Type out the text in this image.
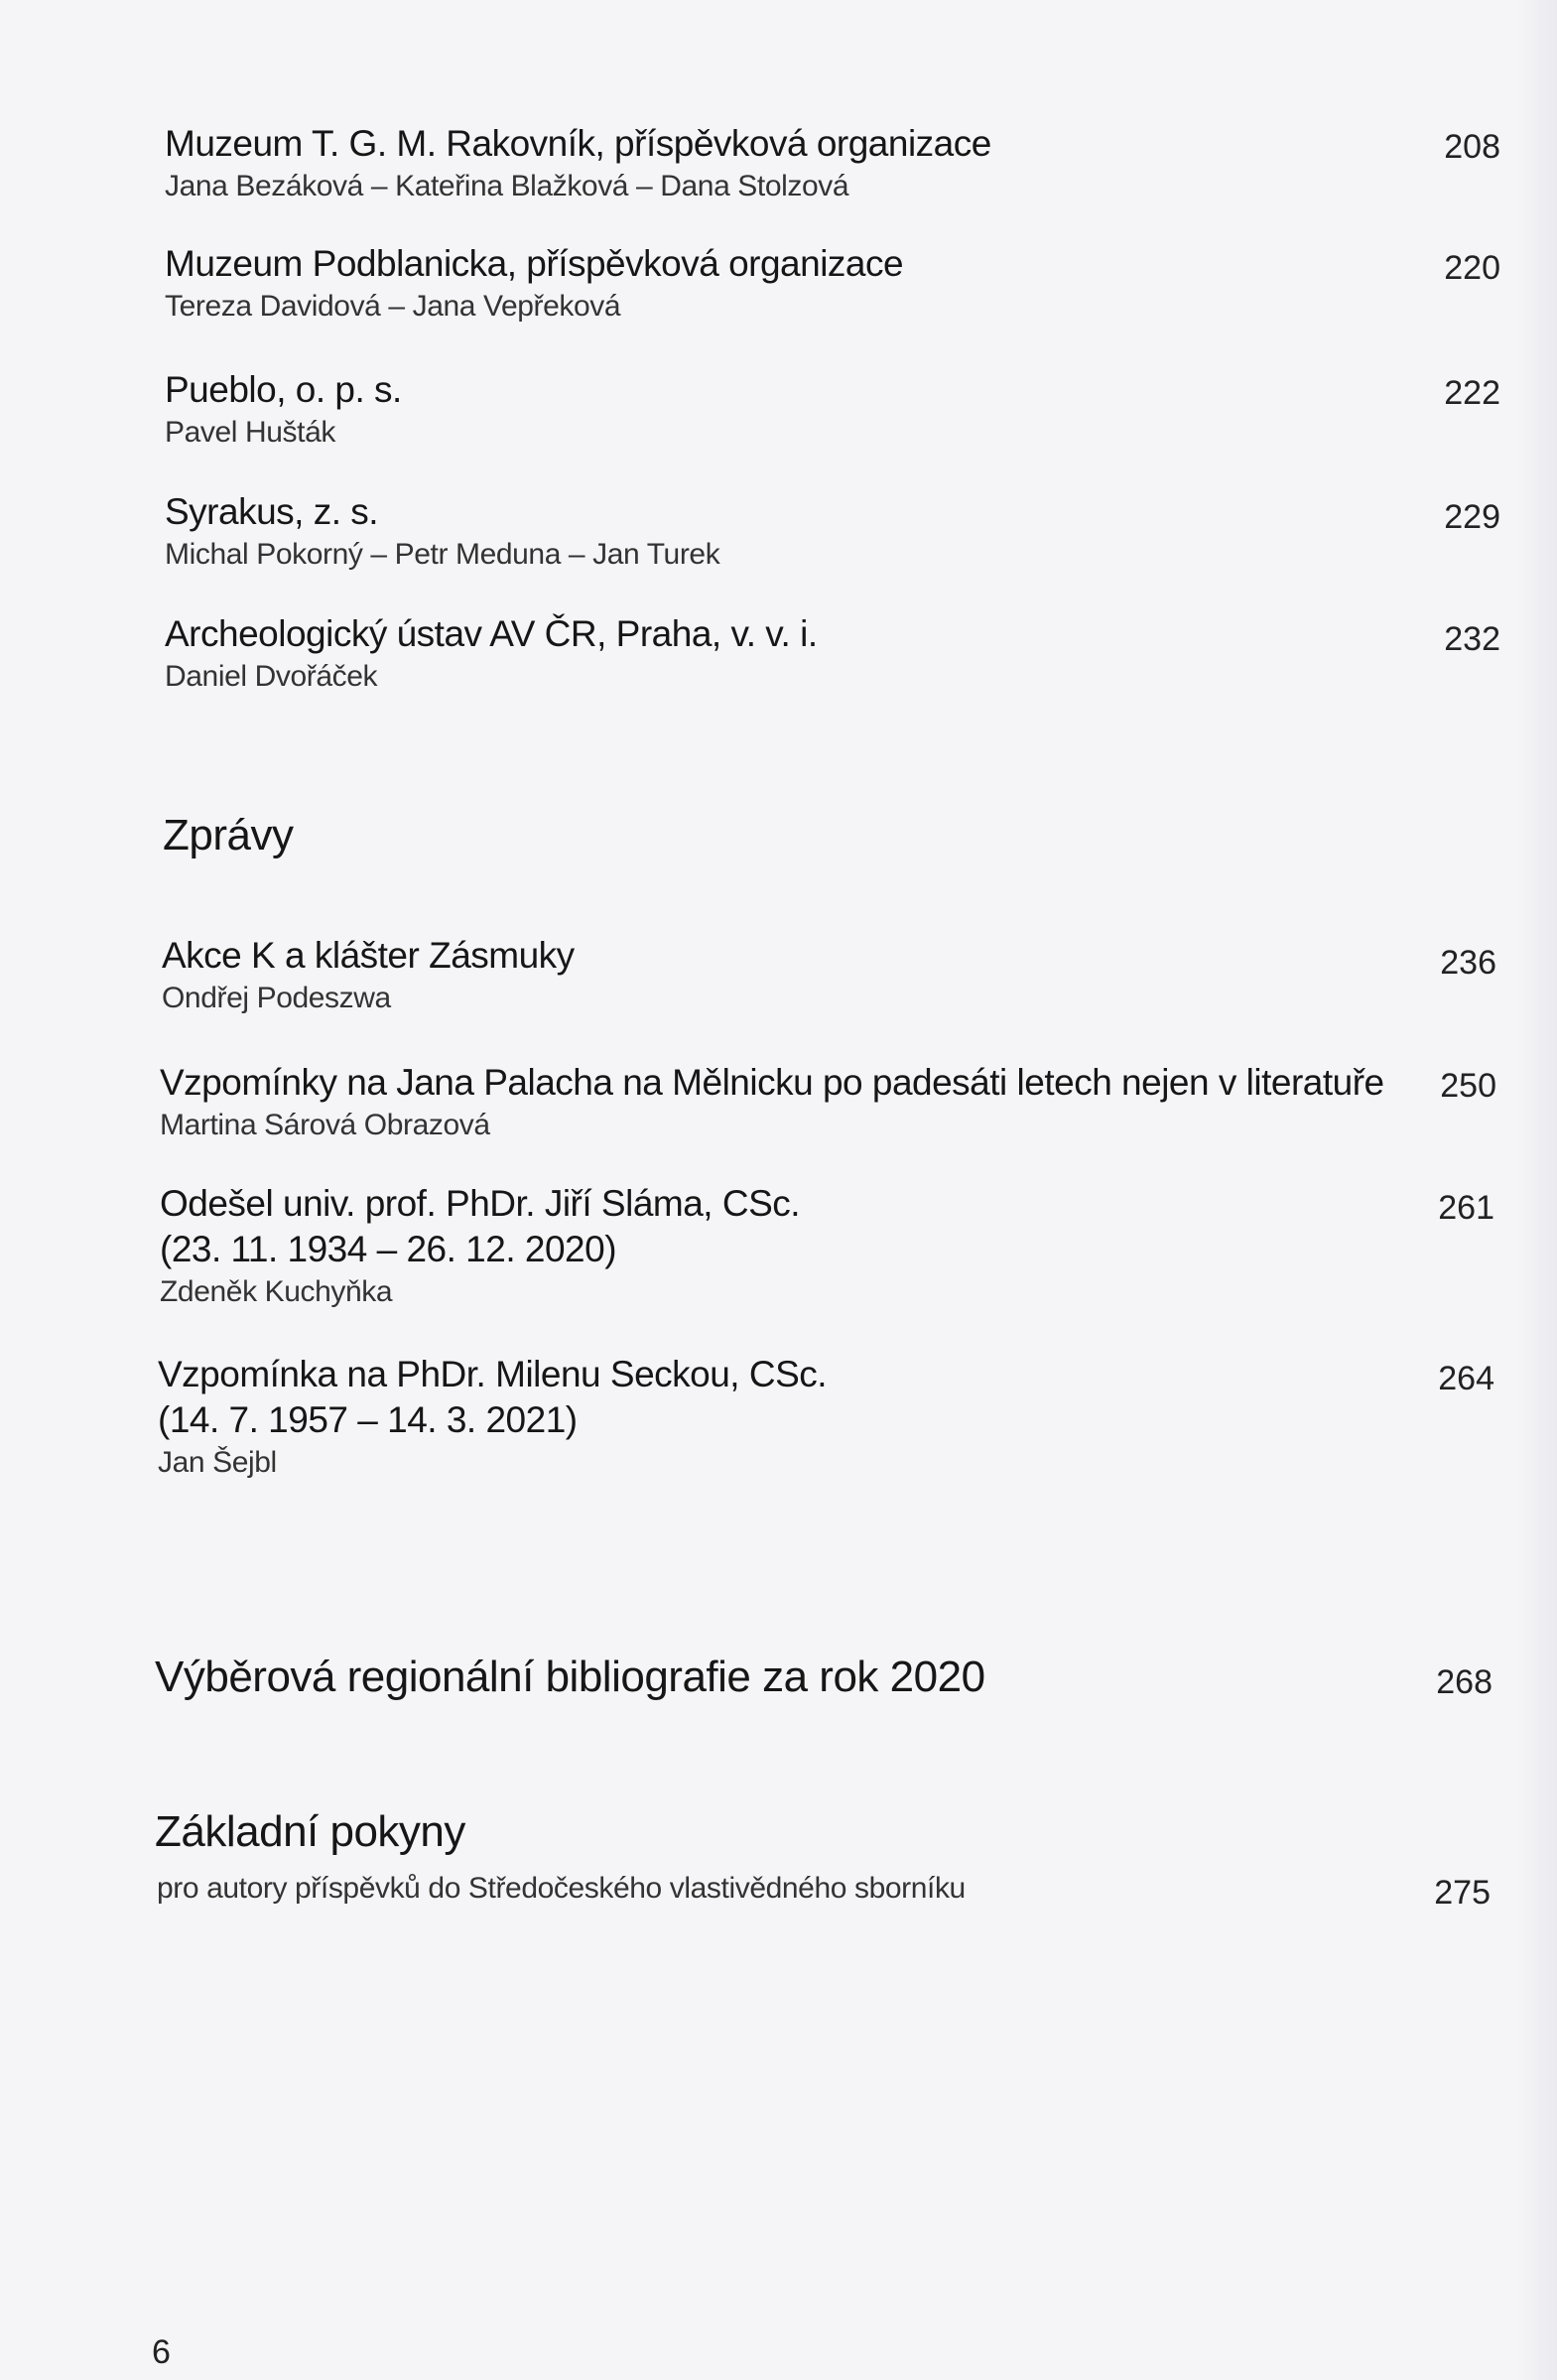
Muzeum T. G. M. Rakovník, příspěvková organizace
Jana Bezáková – Kateřina Blažková – Dana Stolzová
208
Muzeum Podblanicka, příspěvková organizace
Tereza Davidová – Jana Vepřeková
220
Pueblo, o. p. s.
Pavel Hušták
222
Syrakus, z. s.
Michal Pokorný – Petr Meduna – Jan Turek
229
Archeologický ústav AV ČR, Praha, v. v. i.
Daniel Dvořáček
232
Zprávy
Akce K a klášter Zásmuky
Ondřej Podeszwa
236
Vzpomínky na Jana Palacha na Mělnicku po padesáti letech nejen v literatuře
Martina Sárová Obrazová
250
Odešel univ. prof. PhDr. Jiří Sláma, CSc.
(23. 11. 1934 – 26. 12. 2020)
Zdeněk Kuchyňka
261
Vzpomínka na PhDr. Milenu Seckou, CSc.
(14. 7. 1957 – 14. 3. 2021)
Jan Šejbl
264
Výběrová regionální bibliografie za rok 2020	268
Základní pokyny
pro autory příspěvků do Středočeského vlastivědného sborníku	275
6
